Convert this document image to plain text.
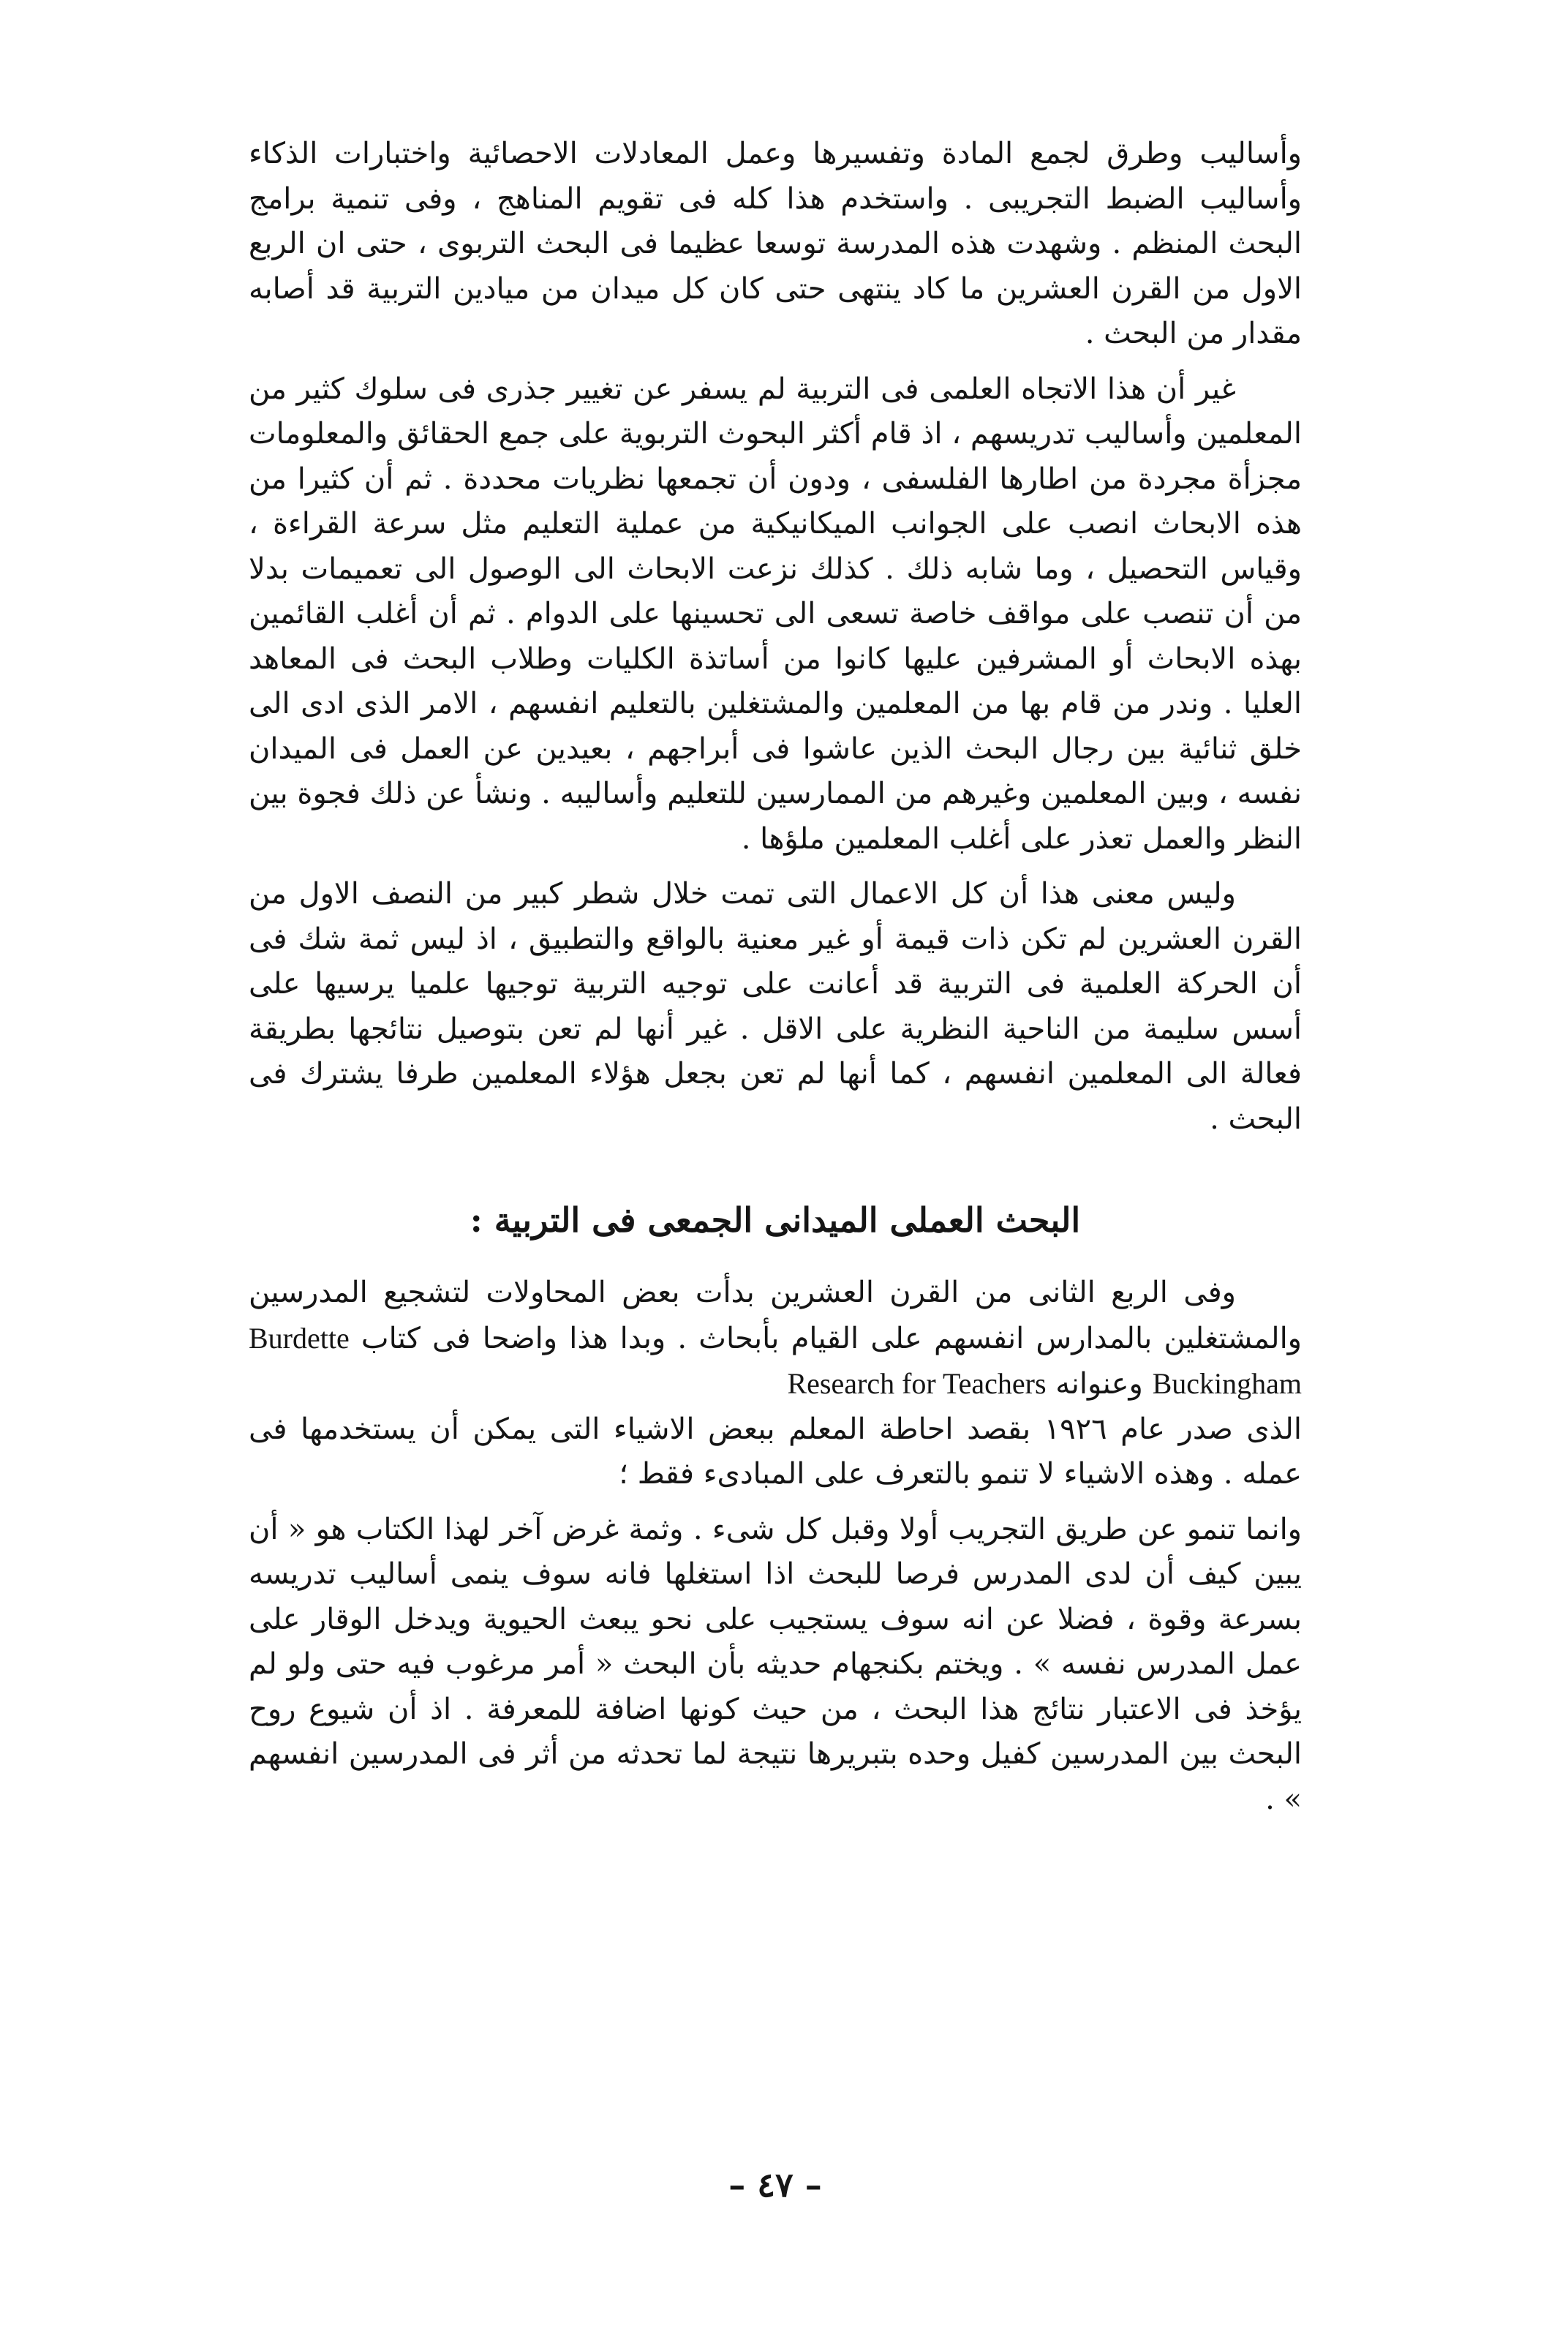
وأساليب وطرق لجمع المادة وتفسيرها وعمل المعادلات الاحصائية واختبارات الذكاء وأساليب الضبط التجريبى . واستخدم هذا كله فى تقويم المناهج ، وفى تنمية برامج البحث المنظم . وشهدت هذه المدرسة توسعا عظيما فى البحث التربوى ، حتى ان الربع الاول من القرن العشرين ما كاد ينتهى حتى كان كل ميدان من ميادين التربية قد أصابه مقدار من البحث .

غير أن هذا الاتجاه العلمى فى التربية لم يسفر عن تغيير جذرى فى سلوك كثير من المعلمين وأساليب تدريسهم ، اذ قام أكثر البحوث التربوية على جمع الحقائق والمعلومات مجزأة مجردة من اطارها الفلسفى ، ودون أن تجمعها نظريات محددة . ثم أن كثيرا من هذه الابحاث انصب على الجوانب الميكانيكية من عملية التعليم مثل سرعة القراءة ، وقياس التحصيل ، وما شابه ذلك . كذلك نزعت الابحاث الى الوصول الى تعميمات بدلا من أن تنصب على مواقف خاصة تسعى الى تحسينها على الدوام . ثم أن أغلب القائمين بهذه الابحاث أو المشرفين عليها كانوا من أساتذة الكليات وطلاب البحث فى المعاهد العليا . وندر من قام بها من المعلمين والمشتغلين بالتعليم انفسهم ، الامر الذى ادى الى خلق ثنائية بين رجال البحث الذين عاشوا فى أبراجهم ، بعيدين عن العمل فى الميدان نفسه ، وبين المعلمين وغيرهم من الممارسين للتعليم وأساليبه . ونشأ عن ذلك فجوة بين النظر والعمل تعذر على أغلب المعلمين ملؤها .

وليس معنى هذا أن كل الاعمال التى تمت خلال شطر كبير من النصف الاول من القرن العشرين لم تكن ذات قيمة أو غير معنية بالواقع والتطبيق ، اذ ليس ثمة شك فى أن الحركة العلمية فى التربية قد أعانت على توجيه التربية توجيها علميا يرسيها على أسس سليمة من الناحية النظرية على الاقل . غير أنها لم تعن بتوصيل نتائجها بطريقة فعالة الى المعلمين انفسهم ، كما أنها لم تعن بجعل هؤلاء المعلمين طرفا يشترك فى البحث .

البحث العملى الميدانى الجمعى فى التربية :

وفى الربع الثانى من القرن العشرين بدأت بعض المحاولات لتشجيع المدرسين والمشتغلين بالمدارس انفسهم على القيام بأبحاث . وبدا هذا واضحا فى كتاب Burdette Buckingham وعنوانه Research for Teachers

الذى صدر عام ١٩٢٦ بقصد احاطة المعلم ببعض الاشياء التى يمكن أن يستخدمها فى عمله . وهذه الاشياء لا تنمو بالتعرف على المبادىء فقط ؛

وانما تنمو عن طريق التجريب أولا وقبل كل شىء . وثمة غرض آخر لهذا الكتاب هو « أن يبين كيف أن لدى المدرس فرصا للبحث اذا استغلها فانه سوف ينمى أساليب تدريسه بسرعة وقوة ، فضلا عن انه سوف يستجيب على نحو يبعث الحيوية ويدخل الوقار على عمل المدرس نفسه » . ويختم بكنجهام حديثه بأن البحث « أمر مرغوب فيه حتى ولو لم يؤخذ فى الاعتبار نتائج هذا البحث ، من حيث كونها اضافة للمعرفة . اذ أن شيوع روح البحث بين المدرسين كفيل وحده بتبريرها نتيجة لما تحدثه من أثر فى المدرسين انفسهم » .

– ٤٧ –
